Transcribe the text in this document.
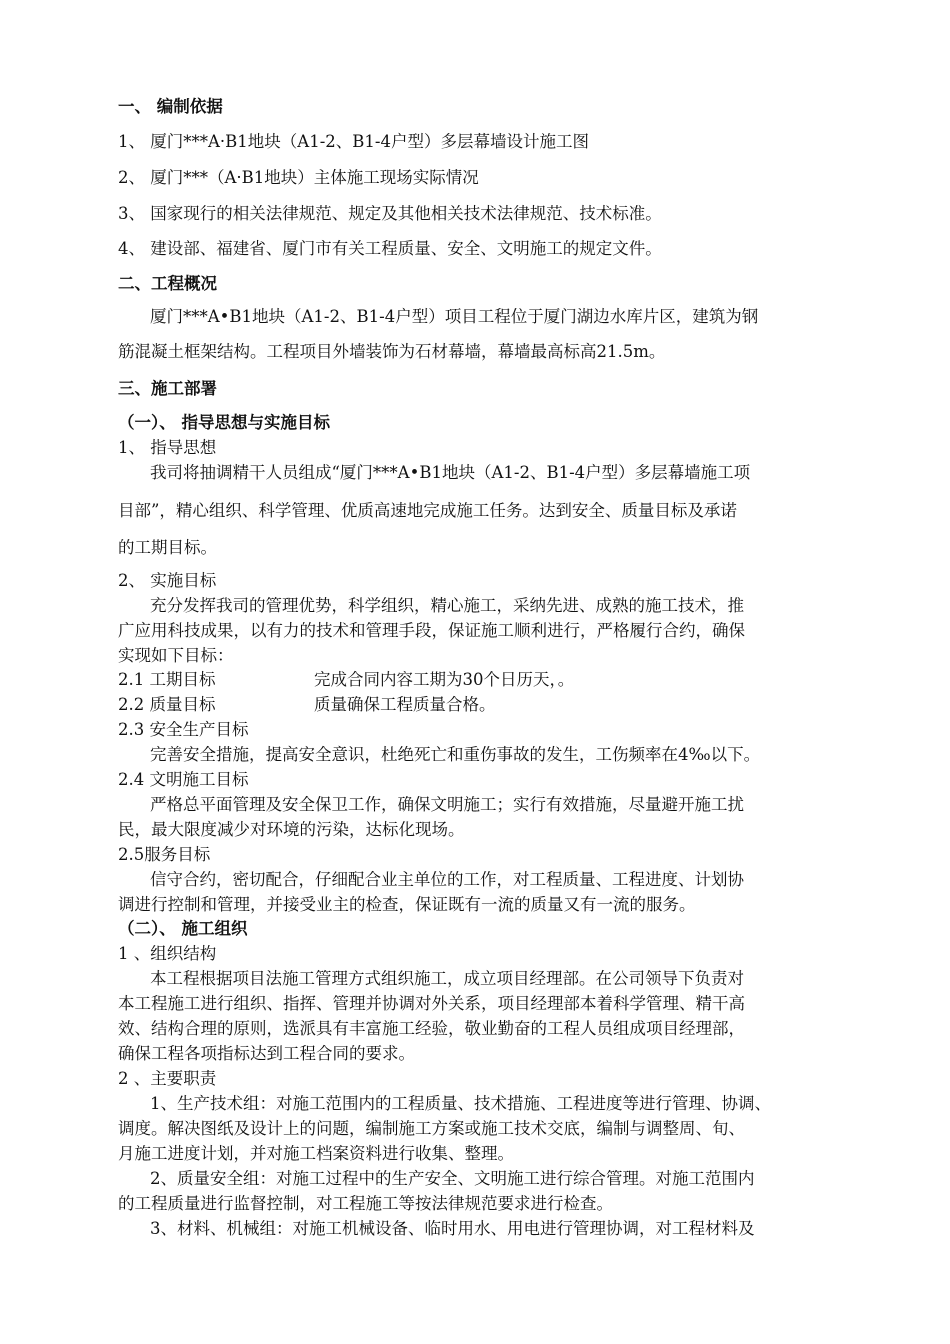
一、 编制依据
1、 厦门***A·B1地块（A1-2、B1-4户型）多层幕墙设计施工图
2、 厦门***（A·B1地块）主体施工现场实际情况
3、 国家现行的相关法律规范、规定及其他相关技术法律规范、技术标准。
4、 建设部、福建省、厦门市有关工程质量、安全、文明施工的规定文件。
二、工程概况
厦门***A•B1地块（A1-2、B1-4户型）项目工程位于厦门湖边水库片区，建筑为钢
筋混凝土框架结构。工程项目外墙装饰为石材幕墙，幕墙最高标高21.5m。
三、施工部署
（一）、 指导思想与实施目标
1、 指导思想
我司将抽调精干人员组成“厦门***A•B1地块（A1-2、B1-4户型）多层幕墙施工项
目部”，精心组织、科学管理、优质高速地完成施工任务。达到安全、质量目标及承诺
的工期目标。
2、 实施目标
充分发挥我司的管理优势，科学组织，精心施工，采纳先进、成熟的施工技术，推
广应用科技成果，以有力的技术和管理手段，保证施工顺利进行，严格履行合约，确保
实现如下目标：
2.1 工期目标	完成合同内容工期为30个日历天，。
2.2 质量目标	质量确保工程质量合格。
2.3 安全生产目标
完善安全措施，提高安全意识，杜绝死亡和重伤事故的发生，工伤频率在4‰以下。
2.4 文明施工目标
严格总平面管理及安全保卫工作，确保文明施工；实行有效措施，尽量避开施工扰
民，最大限度减少对环境的污染，达标化现场。
2.5服务目标
信守合约，密切配合，仔细配合业主单位的工作，对工程质量、工程进度、计划协
调进行控制和管理，并接受业主的检查，保证既有一流的质量又有一流的服务。
（二）、 施工组织
1 、组织结构
本工程根据项目法施工管理方式组织施工，成立项目经理部。在公司领导下负责对
本工程施工进行组织、指挥、管理并协调对外关系，项目经理部本着科学管理、精干高
效、结构合理的原则，选派具有丰富施工经验，敬业勤奋的工程人员组成项目经理部，
确保工程各项指标达到工程合同的要求。
2 、主要职责
1、生产技术组：对施工范围内的工程质量、技术措施、工程进度等进行管理、协调、
调度。解决图纸及设计上的问题，编制施工方案或施工技术交底，编制与调整周、旬、
月施工进度计划，并对施工档案资料进行收集、整理。
2、质量安全组：对施工过程中的生产安全、文明施工进行综合管理。对施工范围内
的工程质量进行监督控制，对工程施工等按法律规范要求进行检查。
3、材料、机械组：对施工机械设备、临时用水、用电进行管理协调，对工程材料及
